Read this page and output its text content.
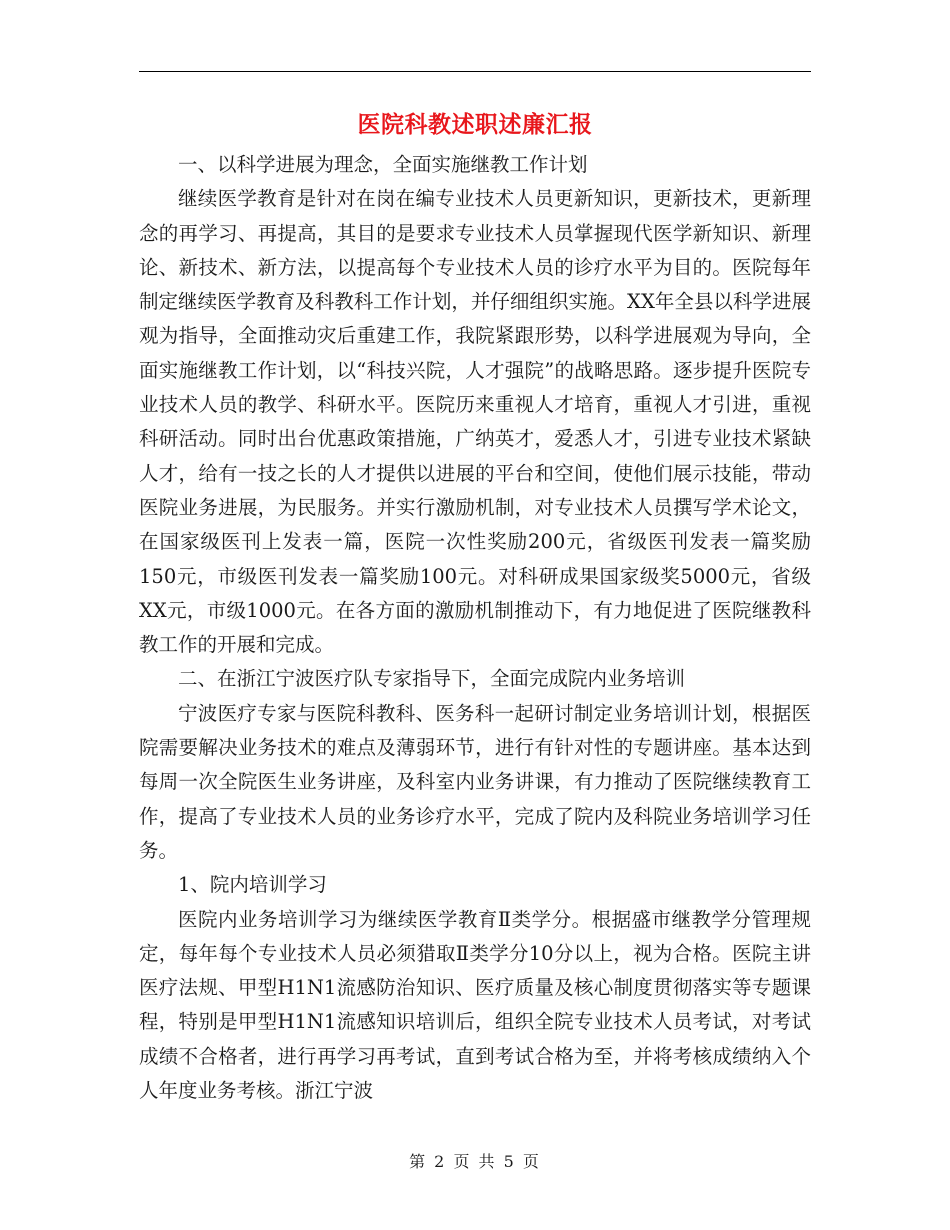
医院科教述职述廉汇报

一、以科学进展为理念，全面实施继教工作计划

继续医学教育是针对在岗在编专业技术人员更新知识，更新技术，更新理念的再学习、再提高，其目的是要求专业技术人员掌握现代医学新知识、新理论、新技术、新方法，以提高每个专业技术人员的诊疗水平为目的。医院每年制定继续医学教育及科教科工作计划，并仔细组织实施。XX年全县以科学进展观为指导，全面推动灾后重建工作，我院紧跟形势，以科学进展观为导向，全面实施继教工作计划，以“科技兴院，人才强院”的战略思路。逐步提升医院专业技术人员的教学、科研水平。医院历来重视人才培育，重视人才引进，重视科研活动。同时出台优惠政策措施，广纳英才，爱悉人才，引进专业技术紧缺人才，给有一技之长的人才提供以进展的平台和空间，使他们展示技能，带动医院业务进展，为民服务。并实行激励机制，对专业技术人员撰写学术论文，在国家级医刊上发表一篇，医院一次性奖励200元，省级医刊发表一篇奖励150元，市级医刊发表一篇奖励100元。对科研成果国家级奖5000元，省级XX元，市级1000元。在各方面的激励机制推动下，有力地促进了医院继教科教工作的开展和完成。

二、在浙江宁波医疗队专家指导下，全面完成院内业务培训

宁波医疗专家与医院科教科、医务科一起研讨制定业务培训计划，根据医院需要解决业务技术的难点及薄弱环节，进行有针对性的专题讲座。基本达到每周一次全院医生业务讲座，及科室内业务讲课，有力推动了医院继续教育工作，提高了专业技术人员的业务诊疗水平，完成了院内及科院业务培训学习任务。

1、院内培训学习

医院内业务培训学习为继续医学教育Ⅱ类学分。根据盛市继教学分管理规定，每年每个专业技术人员必须猎取Ⅱ类学分10分以上，视为合格。医院主讲医疗法规、甲型H1N1流感防治知识、医疗质量及核心制度贯彻落实等专题课程，特别是甲型H1N1流感知识培训后，组织全院专业技术人员考试，对考试成绩不合格者，进行再学习再考试，直到考试合格为至，并将考核成绩纳入个人年度业务考核。浙江宁波

第 2 页 共 5 页
